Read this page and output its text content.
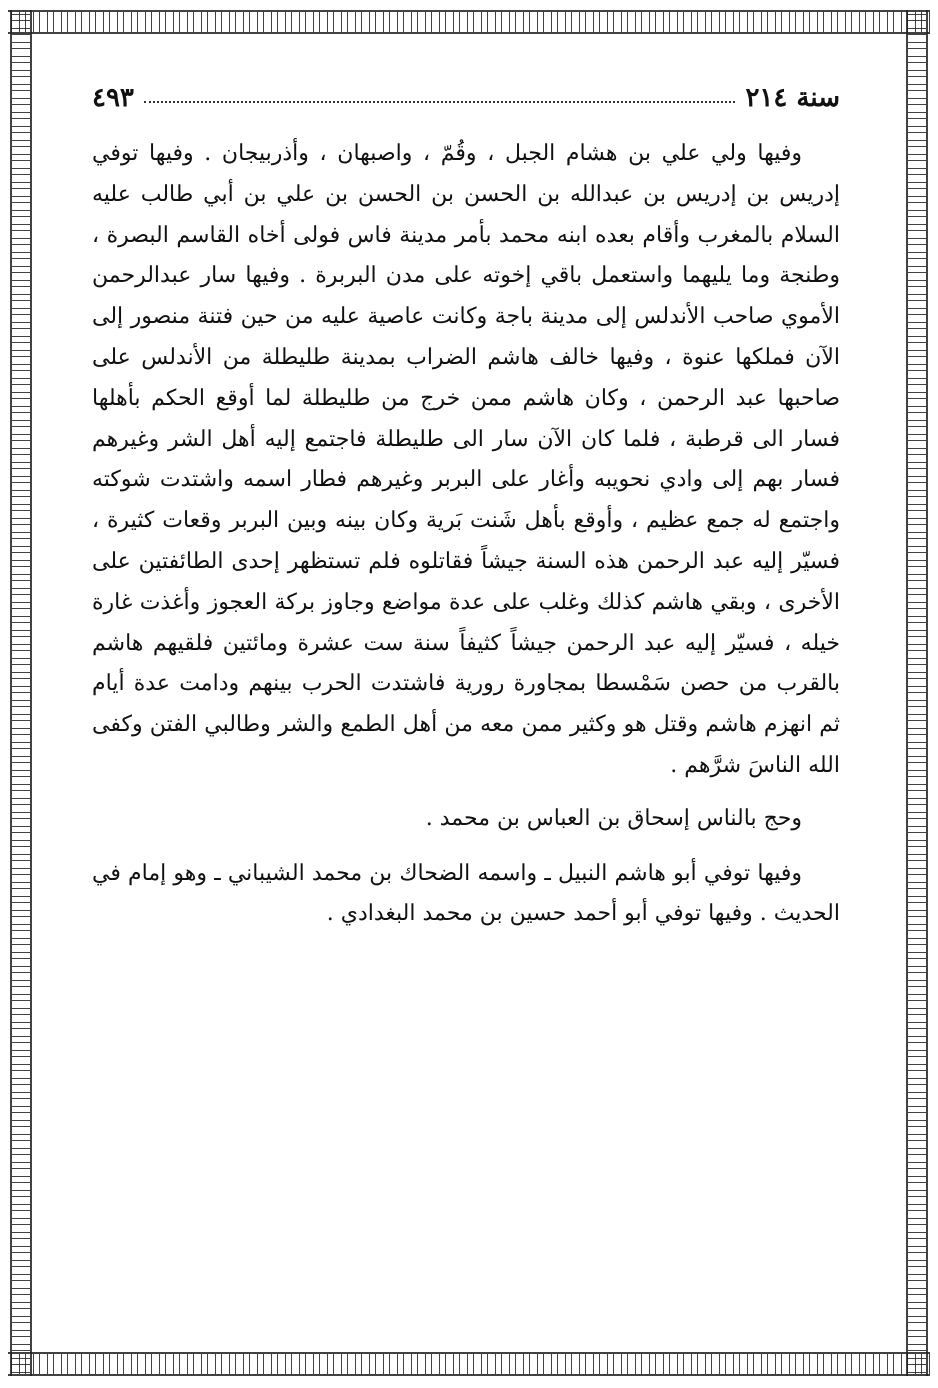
سنة ٢١٤
٤٩٣

وفيها ولي علي بن هشام الجبل ، وقُمّ ، واصبهان ، وأذربيجان . وفيها توفي إدريس بن إدريس بن عبدالله بن الحسن بن الحسن بن علي بن أبي طالب عليه السلام بالمغرب وأقام بعده ابنه محمد بأمر مدينة فاس فولى أخاه القاسم البصرة ، وطنجة وما يليهما واستعمل باقي إخوته على مدن البربرة . وفيها سار عبدالرحمن الأموي صاحب الأندلس إلى مدينة باجة وكانت عاصية عليه من حين فتنة منصور إلى الآن فملكها عنوة ، وفيها خالف هاشم الضراب بمدينة طليطلة من الأندلس على صاحبها عبد الرحمن ، وكان هاشم ممن خرج من طليطلة لما أوقع الحكم بأهلها فسار الى قرطبة ، فلما كان الآن سار الى طليطلة فاجتمع إليه أهل الشر وغيرهم فسار بهم إلى وادي نحويبه وأغار على البربر وغيرهم فطار اسمه واشتدت شوكته واجتمع له جمع عظيم ، وأوقع بأهل شَنت بَرية وكان بينه وبين البربر وقعات كثيرة ، فسيّر إليه عبد الرحمن هذه السنة جيشاً فقاتلوه فلم تستظهر إحدى الطائفتين على الأخرى ، وبقي هاشم كذلك وغلب على عدة مواضع وجاوز بركة العجوز وأغذت غارة خيله ، فسيّر إليه عبد الرحمن جيشاً كثيفاً سنة ست عشرة ومائتين فلقيهم هاشم بالقرب من حصن سَمْسطا بمجاورة رورية فاشتدت الحرب بينهم ودامت عدة أيام ثم انهزم هاشم وقتل هو وكثير ممن معه من أهل الطمع والشر وطالبي الفتن وكفى الله الناسَ شرَّهم .

وحج بالناس إسحاق بن العباس بن محمد .

وفيها توفي أبو هاشم النبيل ـ واسمه الضحاك بن محمد الشيباني ـ وهو إمام في الحديث . وفيها توفي أبو أحمد حسين بن محمد البغدادي .
